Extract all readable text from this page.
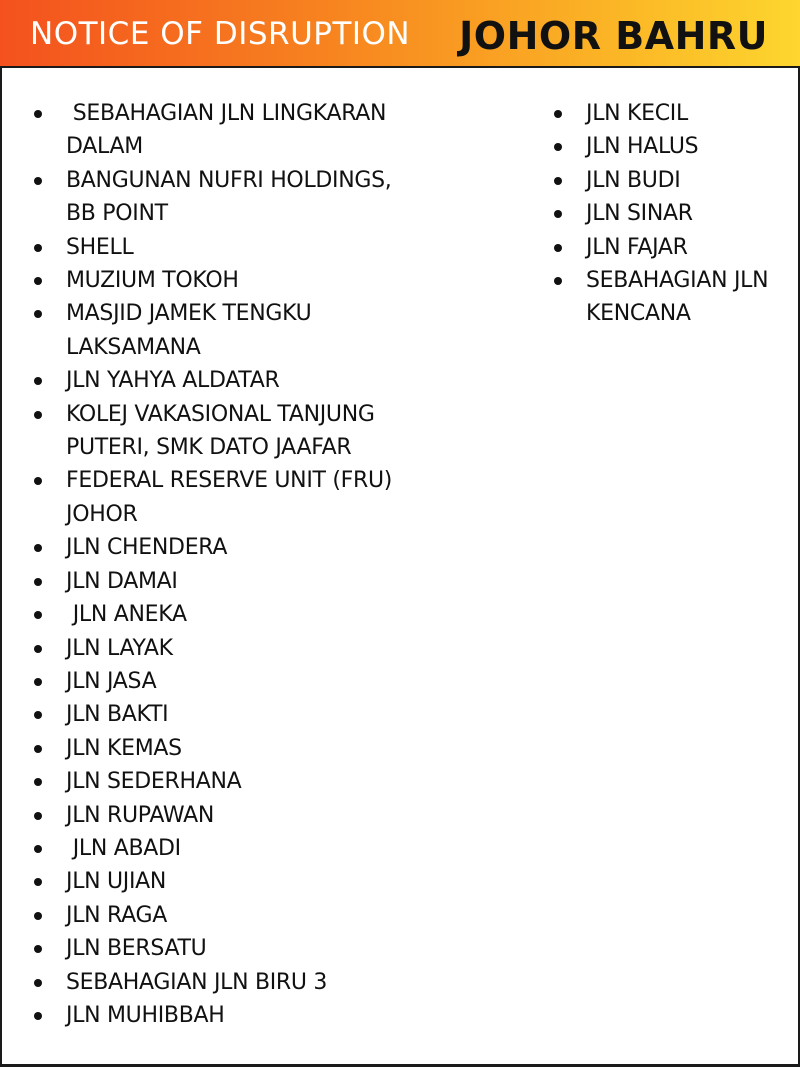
NOTICE OF DISRUPTION JOHOR BAHRU
SEBAHAGIAN JLN LINGKARAN
DALAM
BANGUNAN NUFRI HOLDINGS,
BB POINT
SHELL
MUZIUM TOKOH
MASJID JAMEK TENGKU
LAKSAMANA
JLN YAHYA ALDATAR
KOLEJ VAKASIONAL TANJUNG
PUTERI, SMK DATO JAAFAR
FEDERAL RESERVE UNIT (FRU)
JOHOR
JLN CHENDERA
JLN DAMAI
JLN ANEKA
JLN LAYAK
JLN JASA
JLN BAKTI
JLN KEMAS
JLN SEDERHANA
JLN RUPAWAN
JLN ABADI
JLN UJIAN
JLN RAGA
JLN BERSATU
SEBAHAGIAN JLN BIRU 3
JLN MUHIBBAH
JLN KECIL
JLN HALUS
JLN BUDI
JLN SINAR
JLN FAJAR
SEBAHAGIAN JLN
KENCANA
